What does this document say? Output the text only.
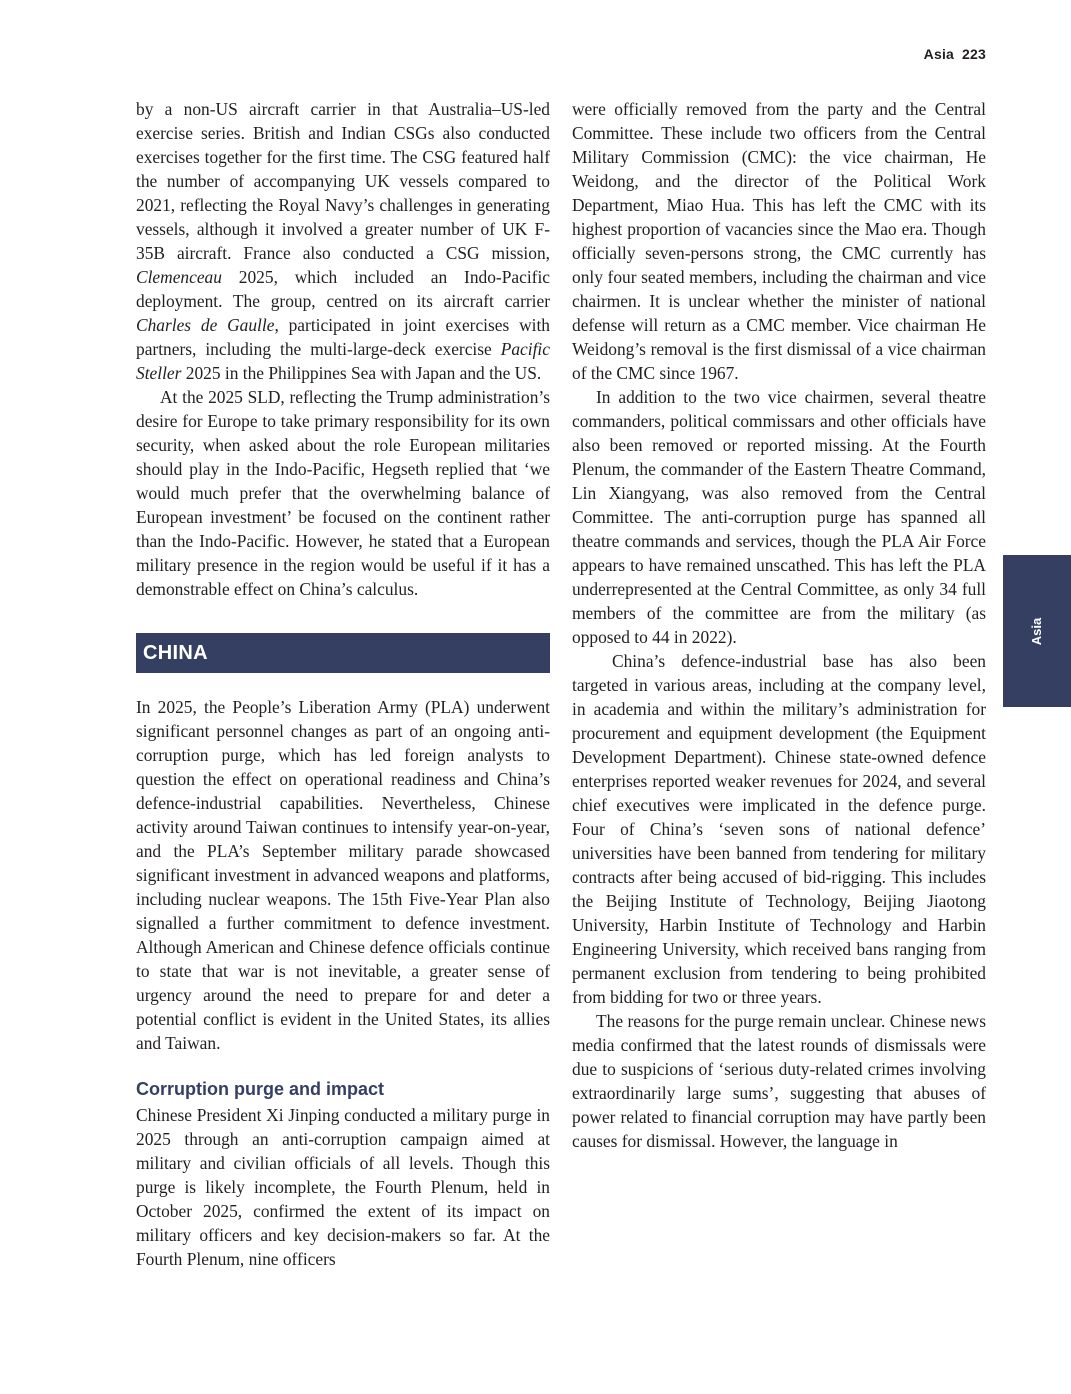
Asia 223

by a non-US aircraft carrier in that Australia–US-led exercise series. British and Indian CSGs also conducted exercises together for the first time. The CSG featured half the number of accompanying UK vessels compared to 2021, reflecting the Royal Navy’s challenges in generating vessels, although it involved a greater number of UK F-35B aircraft. France also conducted a CSG mission, Clemenceau 2025, which included an Indo-Pacific deployment. The group, centred on its aircraft carrier Charles de Gaulle, participated in joint exercises with partners, including the multi-large-deck exercise Pacific Steller 2025 in the Philippines Sea with Japan and the US.

At the 2025 SLD, reflecting the Trump administration’s desire for Europe to take primary responsibility for its own security, when asked about the role European militaries should play in the Indo-Pacific, Hegseth replied that ‘we would much prefer that the overwhelming balance of European investment’ be focused on the continent rather than the Indo-Pacific. However, he stated that a European military presence in the region would be useful if it has a demonstrable effect on China’s calculus.

CHINA

In 2025, the People’s Liberation Army (PLA) underwent significant personnel changes as part of an ongoing anti-corruption purge, which has led foreign analysts to question the effect on operational readiness and China’s defence-industrial capabilities. Nevertheless, Chinese activity around Taiwan continues to intensify year-on-year, and the PLA’s September military parade showcased significant investment in advanced weapons and platforms, including nuclear weapons. The 15th Five-Year Plan also signalled a further commitment to defence investment. Although American and Chinese defence officials continue to state that war is not inevitable, a greater sense of urgency around the need to prepare for and deter a potential conflict is evident in the United States, its allies and Taiwan.

Corruption purge and impact

Chinese President Xi Jinping conducted a military purge in 2025 through an anti-corruption campaign aimed at military and civilian officials of all levels. Though this purge is likely incomplete, the Fourth Plenum, held in October 2025, confirmed the extent of its impact on military officers and key decision-makers so far. At the Fourth Plenum, nine officers

were officially removed from the party and the Central Committee. These include two officers from the Central Military Commission (CMC): the vice chairman, He Weidong, and the director of the Political Work Department, Miao Hua. This has left the CMC with its highest proportion of vacancies since the Mao era. Though officially seven-persons strong, the CMC currently has only four seated members, including the chairman and vice chairmen. It is unclear whether the minister of national defense will return as a CMC member. Vice chairman He Weidong’s removal is the first dismissal of a vice chairman of the CMC since 1967.

In addition to the two vice chairmen, several theatre commanders, political commissars and other officials have also been removed or reported missing. At the Fourth Plenum, the commander of the Eastern Theatre Command, Lin Xiangyang, was also removed from the Central Committee. The anti-corruption purge has spanned all theatre commands and services, though the PLA Air Force appears to have remained unscathed. This has left the PLA underrepresented at the Central Committee, as only 34 full members of the committee are from the military (as opposed to 44 in 2022).

China’s defence-industrial base has also been targeted in various areas, including at the company level, in academia and within the military’s administration for procurement and equipment development (the Equipment Development Department). Chinese state-owned defence enterprises reported weaker revenues for 2024, and several chief executives were implicated in the defence purge. Four of China’s ‘seven sons of national defence’ universities have been banned from tendering for military contracts after being accused of bid-rigging. This includes the Beijing Institute of Technology, Beijing Jiaotong University, Harbin Institute of Technology and Harbin Engineering University, which received bans ranging from permanent exclusion from tendering to being prohibited from bidding for two or three years.

The reasons for the purge remain unclear. Chinese news media confirmed that the latest rounds of dismissals were due to suspicions of ‘serious duty-related crimes involving extraordinarily large sums’, suggesting that abuses of power related to financial corruption may have partly been causes for dismissal. However, the language in

Asia
